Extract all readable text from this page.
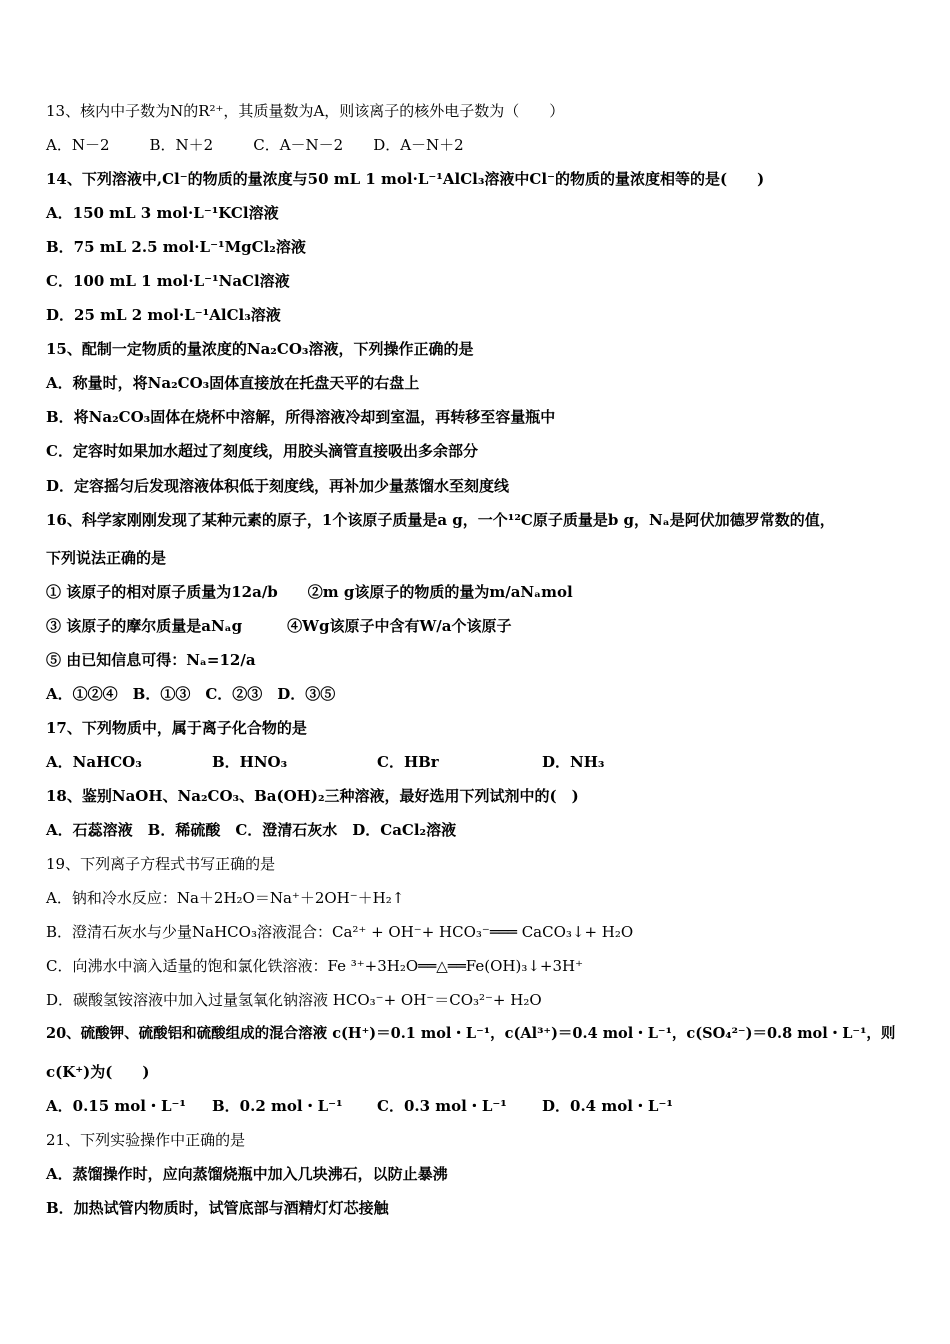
13、核内中子数为N的R²⁺，其质量数为A，则该离子的核外电子数为（　　）
A．N－2	B．N＋2	C．A－N－2 D．A－N＋2
14、下列溶液中,Cl⁻的物质的量浓度与50 mL 1 mol·L⁻¹AlCl₃溶液中Cl⁻的物质的量浓度相等的是(　　)
A．150 mL 3 mol·L⁻¹KCl溶液
B．75 mL 2.5 mol·L⁻¹MgCl₂溶液
C．100 mL 1 mol·L⁻¹NaCl溶液
D．25 mL 2 mol·L⁻¹AlCl₃溶液
15、配制一定物质的量浓度的Na₂CO₃溶液，下列操作正确的是
A．称量时，将Na₂CO₃固体直接放在托盘天平的右盘上
B．将Na₂CO₃固体在烧杯中溶解，所得溶液冷却到室温，再转移至容量瓶中
C．定容时如果加水超过了刻度线，用胶头滴管直接吸出多余部分
D．定容摇匀后发现溶液体积低于刻度线，再补加少量蒸馏水至刻度线
16、科学家刚刚发现了某种元素的原子，1个该原子质量是a g，一个¹²C原子质量是b g，Nₐ是阿伏加德罗常数的值，
下列说法正确的是
① 该原子的相对原子质量为12a/b　　②m g该原子的物质的量为m/aNₐmol
③ 该原子的摩尔质量是aNₐg　　　④Wg该原子中含有W/a个该原子
⑤ 由已知信息可得：Nₐ=12/a
A．①②④　B．①③　C．②③　D．③⑤
17、下列物质中，属于离子化合物的是
A．NaHCO₃	B．HNO₃	C．HBr	D．NH₃
18、鉴别NaOH、Na₂CO₃、Ba(OH)₂三种溶液，最好选用下列试剂中的(　)
A．石蕊溶液　B．稀硫酸　C．澄清石灰水　D．CaCl₂溶液
19、下列离子方程式书写正确的是
A．钠和冷水反应：Na＋2H₂O＝Na⁺＋2OH⁻＋H₂↑
B．澄清石灰水与少量NaHCO₃溶液混合：Ca²⁺ + OH⁻+ HCO₃⁻═══ CaCO₃↓+ H₂O
C．向沸水中滴入适量的饱和氯化铁溶液：Fe ³⁺+3H₂O══△══Fe(OH)₃↓+3H⁺
D．碳酸氢铵溶液中加入过量氢氧化钠溶液 HCO₃⁻+ OH⁻＝CO₃²⁻+ H₂O
20、硫酸钾、硫酸铝和硫酸组成的混合溶液 c(H⁺)＝0.1 mol・L⁻¹，c(Al³⁺)＝0.4 mol・L⁻¹，c(SO₄²⁻)＝0.8 mol・L⁻¹，则
c(K⁺)为(　　)
A．0.15 mol・L⁻¹ B．0.2 mol・L⁻¹ C．0.3 mol・L⁻¹ D．0.4 mol・L⁻¹
21、下列实验操作中正确的是
A．蒸馏操作时，应向蒸馏烧瓶中加入几块沸石，以防止暴沸
B．加热试管内物质时，试管底部与酒精灯灯芯接触
